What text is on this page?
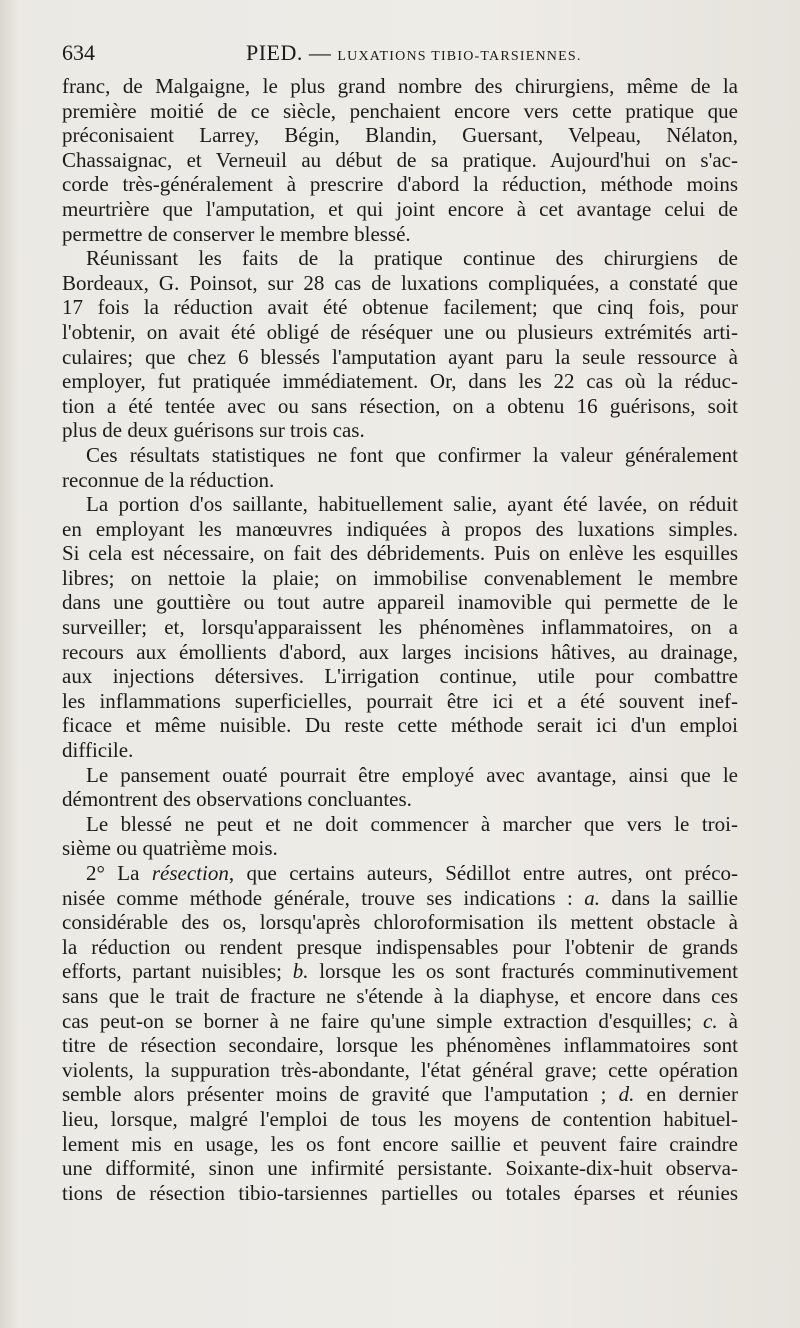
634	PIED. — LUXATIONS TIBIO-TARSIENNES.
franc, de Malgaigne, le plus grand nombre des chirurgiens, même de la
première moitié de ce siècle, penchaient encore vers cette pratique que
préconisaient Larrey, Bégin, Blandin, Guersant, Velpeau, Nélaton,
Chassaignac, et Verneuil au début de sa pratique. Aujourd'hui on s'ac-
corde très-généralement à prescrire d'abord la réduction, méthode moins
meurtrière que l'amputation, et qui joint encore à cet avantage celui de
permettre de conserver le membre blessé.
Réunissant les faits de la pratique continue des chirurgiens de
Bordeaux, G. Poinsot, sur 28 cas de luxations compliquées, a constaté que
17 fois la réduction avait été obtenue facilement; que cinq fois, pour
l'obtenir, on avait été obligé de réséquer une ou plusieurs extrémités arti-
culaires; que chez 6 blessés l'amputation ayant paru la seule ressource à
employer, fut pratiquée immédiatement. Or, dans les 22 cas où la réduc-
tion a été tentée avec ou sans résection, on a obtenu 16 guérisons, soit
plus de deux guérisons sur trois cas.
Ces résultats statistiques ne font que confirmer la valeur généralement
reconnue de la réduction.
La portion d'os saillante, habituellement salie, ayant été lavée, on réduit
en employant les manœuvres indiquées à propos des luxations simples.
Si cela est nécessaire, on fait des débridements. Puis on enlève les esquilles
libres; on nettoie la plaie; on immobilise convenablement le membre
dans une gouttière ou tout autre appareil inamovible qui permette de le
surveiller; et, lorsqu'apparaissent les phénomènes inflammatoires, on a
recours aux émollients d'abord, aux larges incisions hâtives, au drainage,
aux injections détersives. L'irrigation continue, utile pour combattre
les inflammations superficielles, pourrait être ici et a été souvent inef-
ficace et même nuisible. Du reste cette méthode serait ici d'un emploi
difficile.
Le pansement ouaté pourrait être employé avec avantage, ainsi que le
démontrent des observations concluantes.
Le blessé ne peut et ne doit commencer à marcher que vers le troi-
sième ou quatrième mois.
2° La résection, que certains auteurs, Sédillot entre autres, ont préco-
nisée comme méthode générale, trouve ses indications : a. dans la saillie
considérable des os, lorsqu'après chloroformisation ils mettent obstacle à
la réduction ou rendent presque indispensables pour l'obtenir de grands
efforts, partant nuisibles; b. lorsque les os sont fracturés comminutivement
sans que le trait de fracture ne s'étende à la diaphyse, et encore dans ces
cas peut-on se borner à ne faire qu'une simple extraction d'esquilles; c. à
titre de résection secondaire, lorsque les phénomènes inflammatoires sont
violents, la suppuration très-abondante, l'état général grave; cette opération
semble alors présenter moins de gravité que l'amputation ; d. en dernier
lieu, lorsque, malgré l'emploi de tous les moyens de contention habituel-
lement mis en usage, les os font encore saillie et peuvent faire craindre
une difformité, sinon une infirmité persistante. Soixante-dix-huit observa-
tions de résection tibio-tarsiennes partielles ou totales éparses et réunies
